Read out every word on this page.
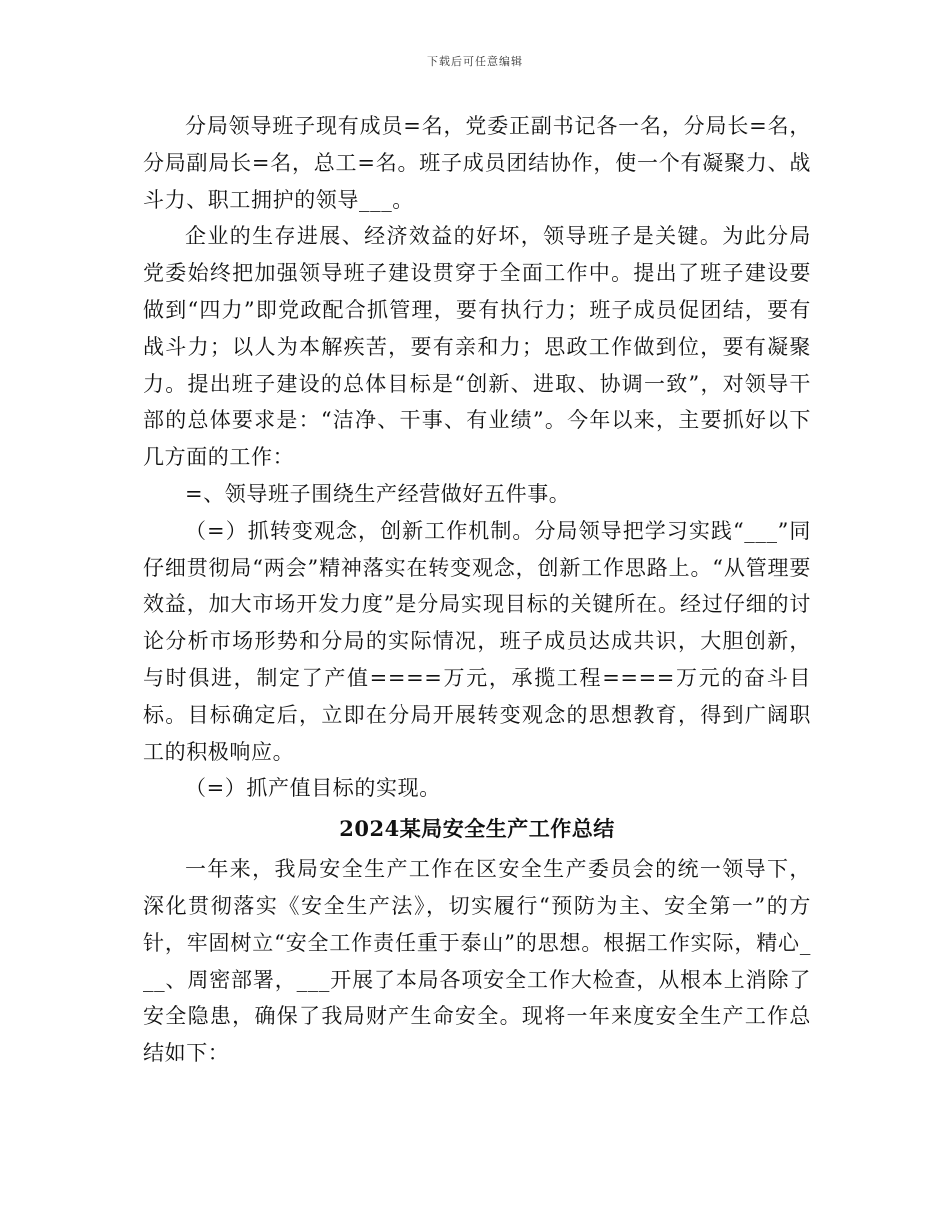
下载后可任意编辑

分局领导班子现有成员=名，党委正副书记各一名，分局长=名，分局副局长=名，总工=名。班子成员团结协作，使一个有凝聚力、战斗力、职工拥护的领导___。

企业的生存进展、经济效益的好坏，领导班子是关键。为此分局党委始终把加强领导班子建设贯穿于全面工作中。提出了班子建设要做到“四力”即党政配合抓管理，要有执行力；班子成员促团结，要有战斗力；以人为本解疾苦，要有亲和力；思政工作做到位，要有凝聚力。提出班子建设的总体目标是“创新、进取、协调一致”，对领导干部的总体要求是：“洁净、干事、有业绩”。今年以来，主要抓好以下几方面的工作：

=、领导班子围绕生产经营做好五件事。

（=）抓转变观念，创新工作机制。分局领导把学习实践“___”同仔细贯彻局“两会”精神落实在转变观念，创新工作思路上。“从管理要效益，加大市场开发力度”是分局实现目标的关键所在。经过仔细的讨论分析市场形势和分局的实际情况，班子成员达成共识，大胆创新，与时俱进，制定了产值====万元，承揽工程====万元的奋斗目标。目标确定后，立即在分局开展转变观念的思想教育，得到广阔职工的积极响应。

（=）抓产值目标的实现。

2024某局安全生产工作总结

一年来，我局安全生产工作在区安全生产委员会的统一领导下，深化贯彻落实《安全生产法》，切实履行“预防为主、安全第一”的方针，牢固树立“安全工作责任重于泰山”的思想。根据工作实际，精心___、周密部署，___开展了本局各项安全工作大检查，从根本上消除了安全隐患，确保了我局财产生命安全。现将一年来度安全生产工作总结如下：
